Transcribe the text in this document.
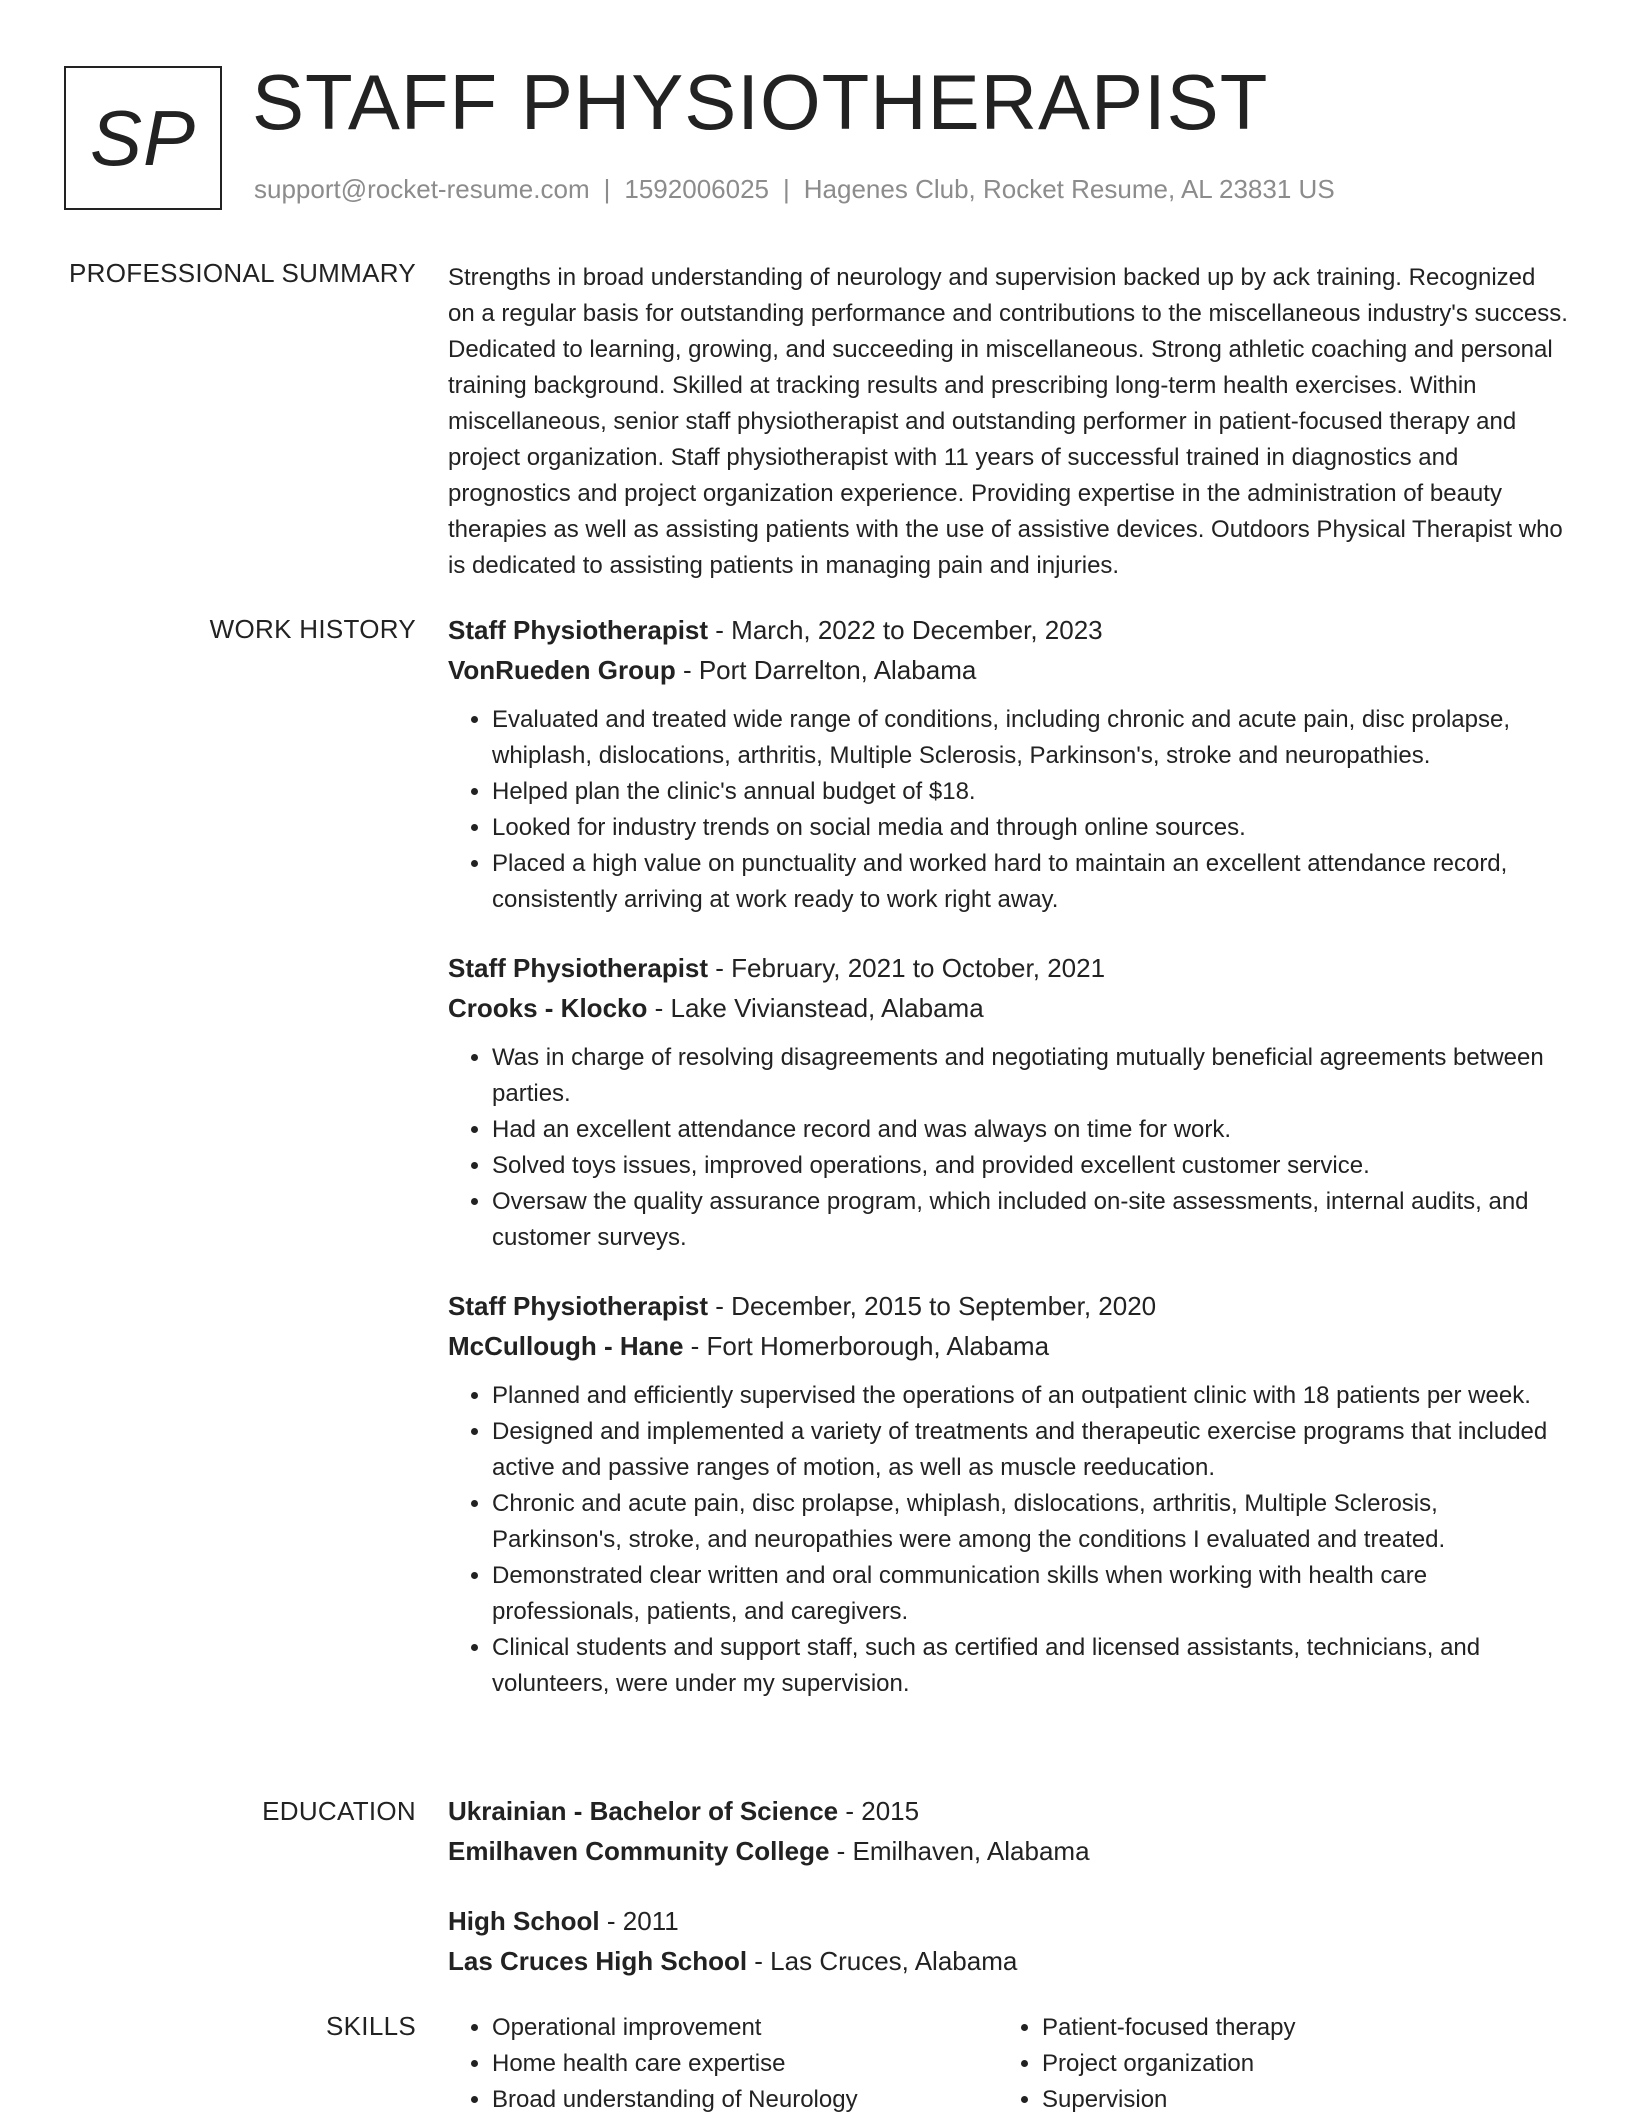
SP STAFF PHYSIOTHERAPIST
support@rocket-resume.com | 1592006025 | Hagenes Club, Rocket Resume, AL 23831 US
PROFESSIONAL SUMMARY Strengths in broad understanding of neurology and supervision backed up by ack training. Recognized on a regular basis for outstanding performance and contributions to the miscellaneous industry's success. Dedicated to learning, growing, and succeeding in miscellaneous. Strong athletic coaching and personal training background. Skilled at tracking results and prescribing long-term health exercises. Within miscellaneous, senior staff physiotherapist and outstanding performer in patient-focused therapy and project organization. Staff physiotherapist with 11 years of successful trained in diagnostics and prognostics and project organization experience. Providing expertise in the administration of beauty therapies as well as assisting patients with the use of assistive devices. Outdoors Physical Therapist who is dedicated to assisting patients in managing pain and injuries.
WORK HISTORY Staff Physiotherapist - March, 2022 to December, 2023
VonRueden Group - Port Darrelton, Alabama
• Evaluated and treated wide range of conditions, including chronic and acute pain, disc prolapse, whiplash, dislocations, arthritis, Multiple Sclerosis, Parkinson's, stroke and neuropathies.
• Helped plan the clinic's annual budget of $18.
• Looked for industry trends on social media and through online sources.
• Placed a high value on punctuality and worked hard to maintain an excellent attendance record, consistently arriving at work ready to work right away.
Staff Physiotherapist - February, 2021 to October, 2021
Crooks - Klocko - Lake Vivianstead, Alabama
• Was in charge of resolving disagreements and negotiating mutually beneficial agreements between parties.
• Had an excellent attendance record and was always on time for work.
• Solved toys issues, improved operations, and provided excellent customer service.
• Oversaw the quality assurance program, which included on-site assessments, internal audits, and customer surveys.
Staff Physiotherapist - December, 2015 to September, 2020
McCullough - Hane - Fort Homerborough, Alabama
• Planned and efficiently supervised the operations of an outpatient clinic with 18 patients per week.
• Designed and implemented a variety of treatments and therapeutic exercise programs that included active and passive ranges of motion, as well as muscle reeducation.
• Chronic and acute pain, disc prolapse, whiplash, dislocations, arthritis, Multiple Sclerosis, Parkinson's, stroke, and neuropathies were among the conditions I evaluated and treated.
• Demonstrated clear written and oral communication skills when working with health care professionals, patients, and caregivers.
• Clinical students and support staff, such as certified and licensed assistants, technicians, and volunteers, were under my supervision.
EDUCATION Ukrainian - Bachelor of Science - 2015
Emilhaven Community College - Emilhaven, Alabama
High School - 2011
Las Cruces High School - Las Cruces, Alabama
SKILLS
•	Operational improvement
• Home health care expertise
• Broad understanding of Neurology
• Patient-focused therapy
• Project organization
• Supervision
